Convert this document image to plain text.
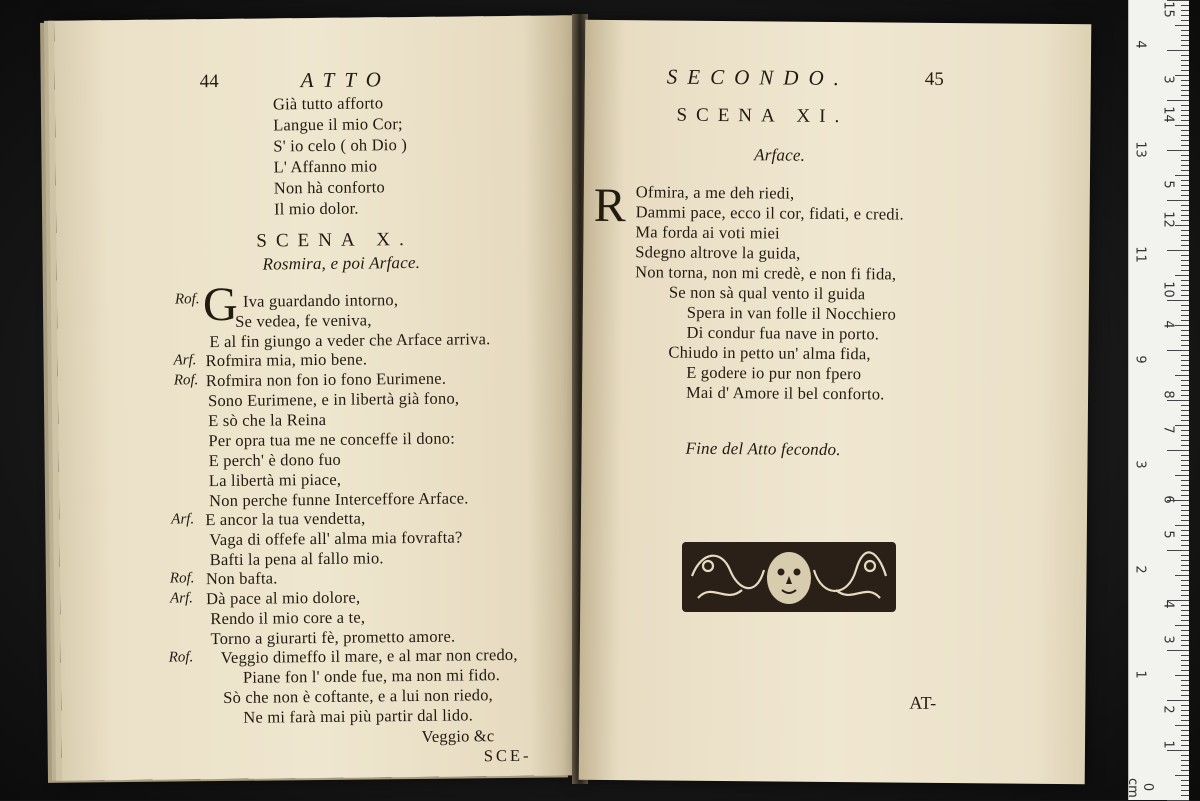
44	ATTO
Già tutto afforto
Langue il mio Cor;
S' io celo ( oh Dio )
L' Affanno mio
Non hà conforto
Il mio dolor.
SCENA X.
Rosmira, e poi Arface.
Rof. G Iva guardando intorno,
Se vedea, fe veniva,
E al fin giungo a veder che Arface arriva.
Arf. Rofmira mia, mio bene.
Rof. Rofmira non fon io fono Eurimene.
Sono Eurimene, e in libertà già fono,
E sò che la Reina
Per opra tua me ne conceffe il dono:
E perch' è dono fuo
La libertà mi piace,
Non perche funne Interceffore Arface.
Arf. E ancor la tua vendetta,
Vaga di offefe all' alma mia fovrafta?
Bafti la pena al fallo mio.
Rof. Non bafta.
Arf. Dà pace al mio dolore,
Rendo il mio core a te,
Torno a giurarti fè, prometto amore.
Rof. Veggio dimeffo il mare, e al mar non credo,
Piane fon l' onde fue, ma non mi fido.
Sò che non è coftante, e a lui non riedo,
Ne mi farà mai più partir dal lido.
Veggio &c
SCE-
SECONDO.	45
SCENA XI.
Arface.
R Ofmira, a me deh riedi,
Dammi pace, ecco il cor, fidati, e credi.
Ma forda ai voti miei
Sdegno altrove la guida,
Non torna, non mi credè, e non fi fida,
Se non sà qual vento il guida
Spera in van folle il Nocchiero
Di condur fua nave in porto.
Chiudo in petto un' alma fida,
E godere io pur non fpero
Mai d' Amore il bel conforto.
Fine del Atto fecondo.
AT-
15
4
3
14
13
5
12
11
10
4
9
8
7
3
6
5
2
4
3
1
2
1
0 cm
